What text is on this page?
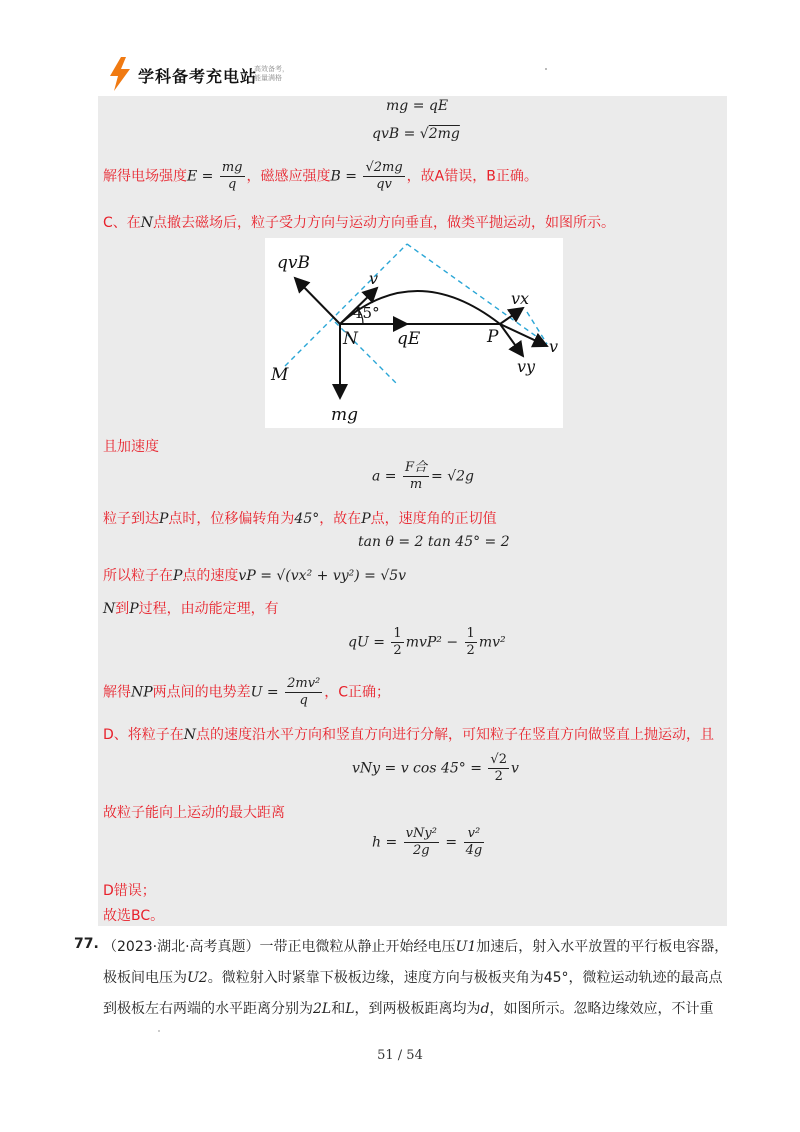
学科备考充电站
高效备考，
能量满格
mg = qE
qvB = √2mg
解得电场强度$E = \frac{mg}{q}$ ，磁感应强度$B = \frac{√2mg}{qv}$ ，故A错误，B正确。
C、在N点撤去磁场后，粒子受力方向与运动方向垂直，做类平抛运动，如图所示。
qvB
v
45°
N qE	P
vx
v
vy
M
mg
且加速度
$a = \frac{\text{F合}}{m} = √2g$
粒子到达P点时，位移偏转角为45°，故在P点，速度角的正切值
tan θ = 2 tan 45° = 2
所以粒子在P点的速度vP = √(vx² + vy²) = √5v
N到P过程，由动能定理，有
qU = $\frac{1}{2} mvP^2 - \frac{1}{2} mv^2$
解得NP两点间的电势差$U = \frac{\text{2mv²}}{q}$ ，C正确；
D、将粒子在N点的速度沿水平方向和竖直方向进行分解，可知粒子在竖直方向做竖直上抛运动，且
vNy = v $\cos 45^\circ = \frac{√2}{2}$ v
故粒子能向上运动的最大距离
$h = \frac{\text{vNy²}}{2g} = \frac{\text{v²}}{4g}$
D错误；
故选BC。
77. （2023·湖北·高考真题）一带正电微粒从静止开始经电压U1加速后，射入水平放置的平行板电容器，
极板间电压为U2。微粒射入时紧靠下极板边缘，速度方向与极板夹角为45°，微粒运动轨迹的最高点
到极板左右两端的水平距离分别为2L和L，到两极板距离均为d，如图所示。忽略边缘效应，不计重
51 / 54
